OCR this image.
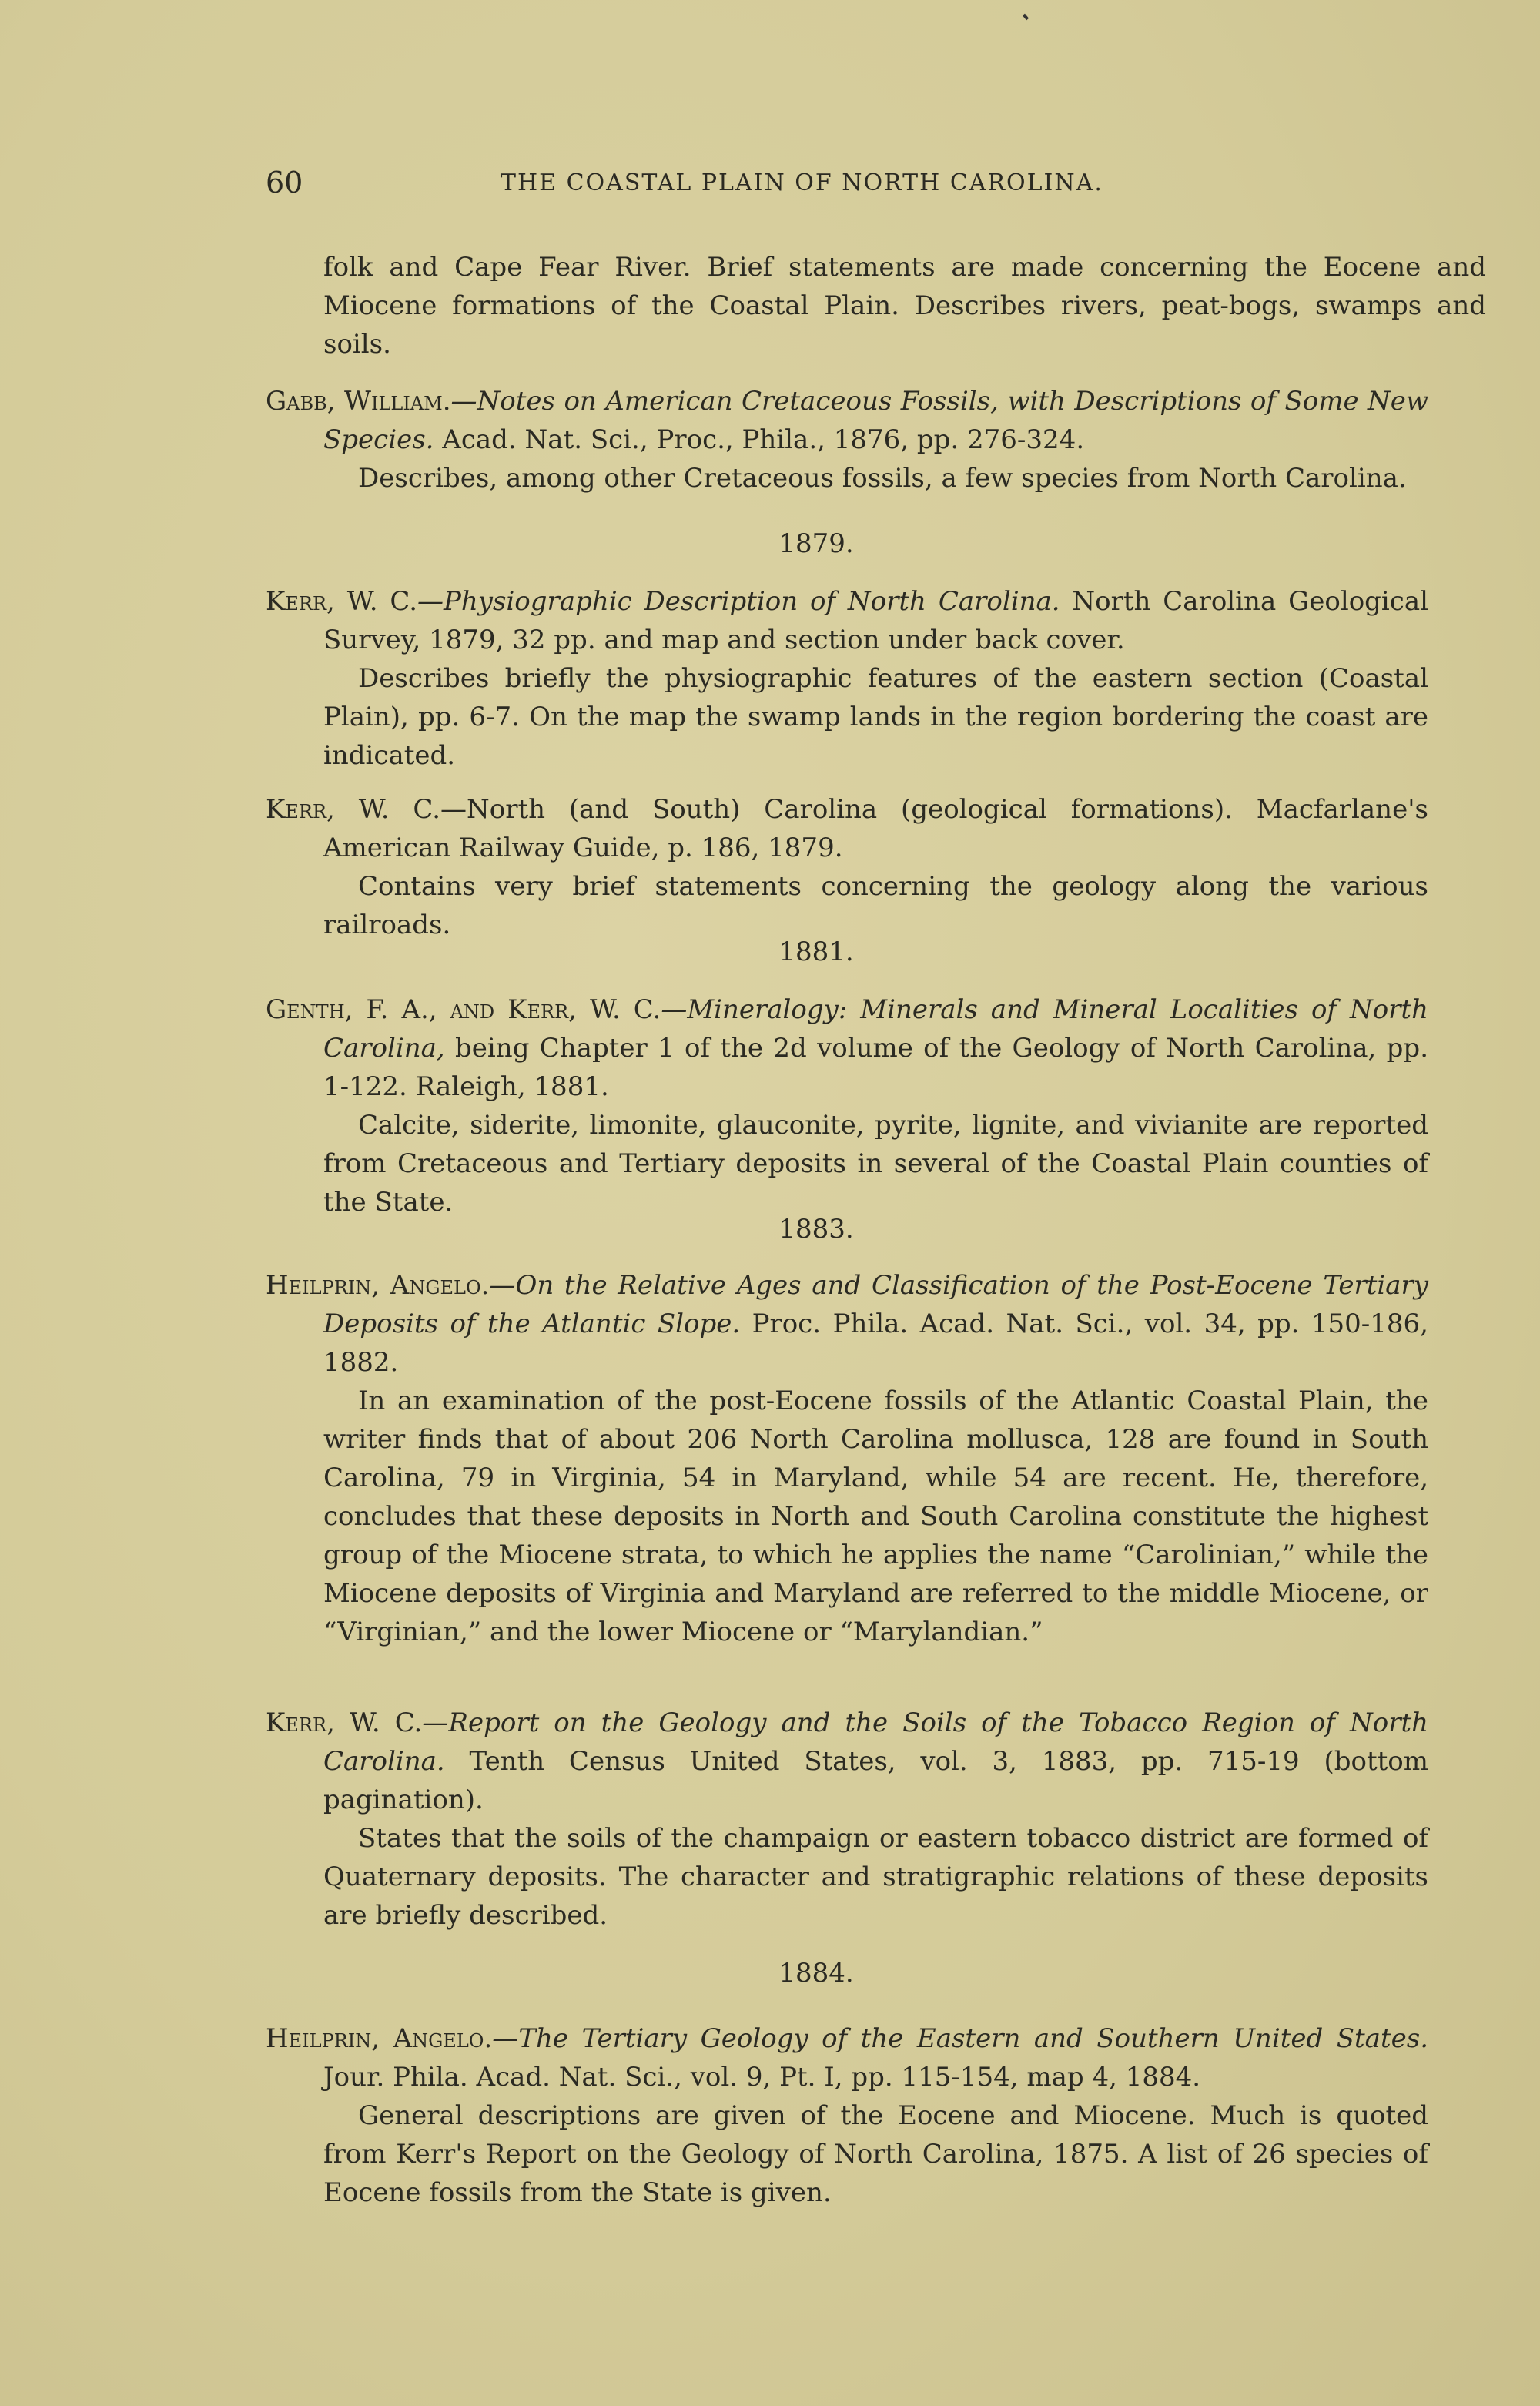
60	THE COASTAL PLAIN OF NORTH CAROLINA.
folk and Cape Fear River. Brief statements are made concerning the Eocene and Miocene formations of the Coastal Plain. Describes rivers, peat-bogs, swamps and soils.
Gabb, William.—Notes on American Cretaceous Fossils, with Descriptions of Some New Species. Acad. Nat. Sci., Proc., Phila., 1876, pp. 276-324.
Describes, among other Cretaceous fossils, a few species from North Carolina.
1879.
Kerr, W. C.—Physiographic Description of North Carolina. North Carolina Geological Survey, 1879, 32 pp. and map and section under back cover.
Describes briefly the physiographic features of the eastern section (Coastal Plain), pp. 6-7. On the map the swamp lands in the region bordering the coast are indicated.
Kerr, W. C.—North (and South) Carolina (geological formations). Macfarlane's American Railway Guide, p. 186, 1879.
Contains very brief statements concerning the geology along the various railroads.
1881.
Genth, F. A., and Kerr, W. C.—Mineralogy: Minerals and Mineral Localities of North Carolina, being Chapter 1 of the 2d volume of the Geology of North Carolina, pp. 1-122. Raleigh, 1881.
Calcite, siderite, limonite, glauconite, pyrite, lignite, and vivianite are reported from Cretaceous and Tertiary deposits in several of the Coastal Plain counties of the State.
1883.
Heilprin, Angelo.—On the Relative Ages and Classification of the Post-Eocene Tertiary Deposits of the Atlantic Slope. Proc. Phila. Acad. Nat. Sci., vol. 34, pp. 150-186, 1882.
In an examination of the post-Eocene fossils of the Atlantic Coastal Plain, the writer finds that of about 206 North Carolina mollusca, 128 are found in South Carolina, 79 in Virginia, 54 in Maryland, while 54 are recent. He, therefore, concludes that these deposits in North and South Carolina constitute the highest group of the Miocene strata, to which he applies the name “Carolinian,” while the Miocene deposits of Virginia and Maryland are referred to the middle Miocene, or “Virginian,” and the lower Miocene or “Marylandian.”
Kerr, W. C.—Report on the Geology and the Soils of the Tobacco Region of North Carolina. Tenth Census United States, vol. 3, 1883, pp. 715-19 (bottom pagination).
States that the soils of the champaign or eastern tobacco district are formed of Quaternary deposits. The character and stratigraphic relations of these deposits are briefly described.
1884.
Heilprin, Angelo.—The Tertiary Geology of the Eastern and Southern United States. Jour. Phila. Acad. Nat. Sci., vol. 9, Pt. I, pp. 115-154, map 4, 1884.
General descriptions are given of the Eocene and Miocene. Much is quoted from Kerr's Report on the Geology of North Carolina, 1875. A list of 26 species of Eocene fossils from the State is given.
